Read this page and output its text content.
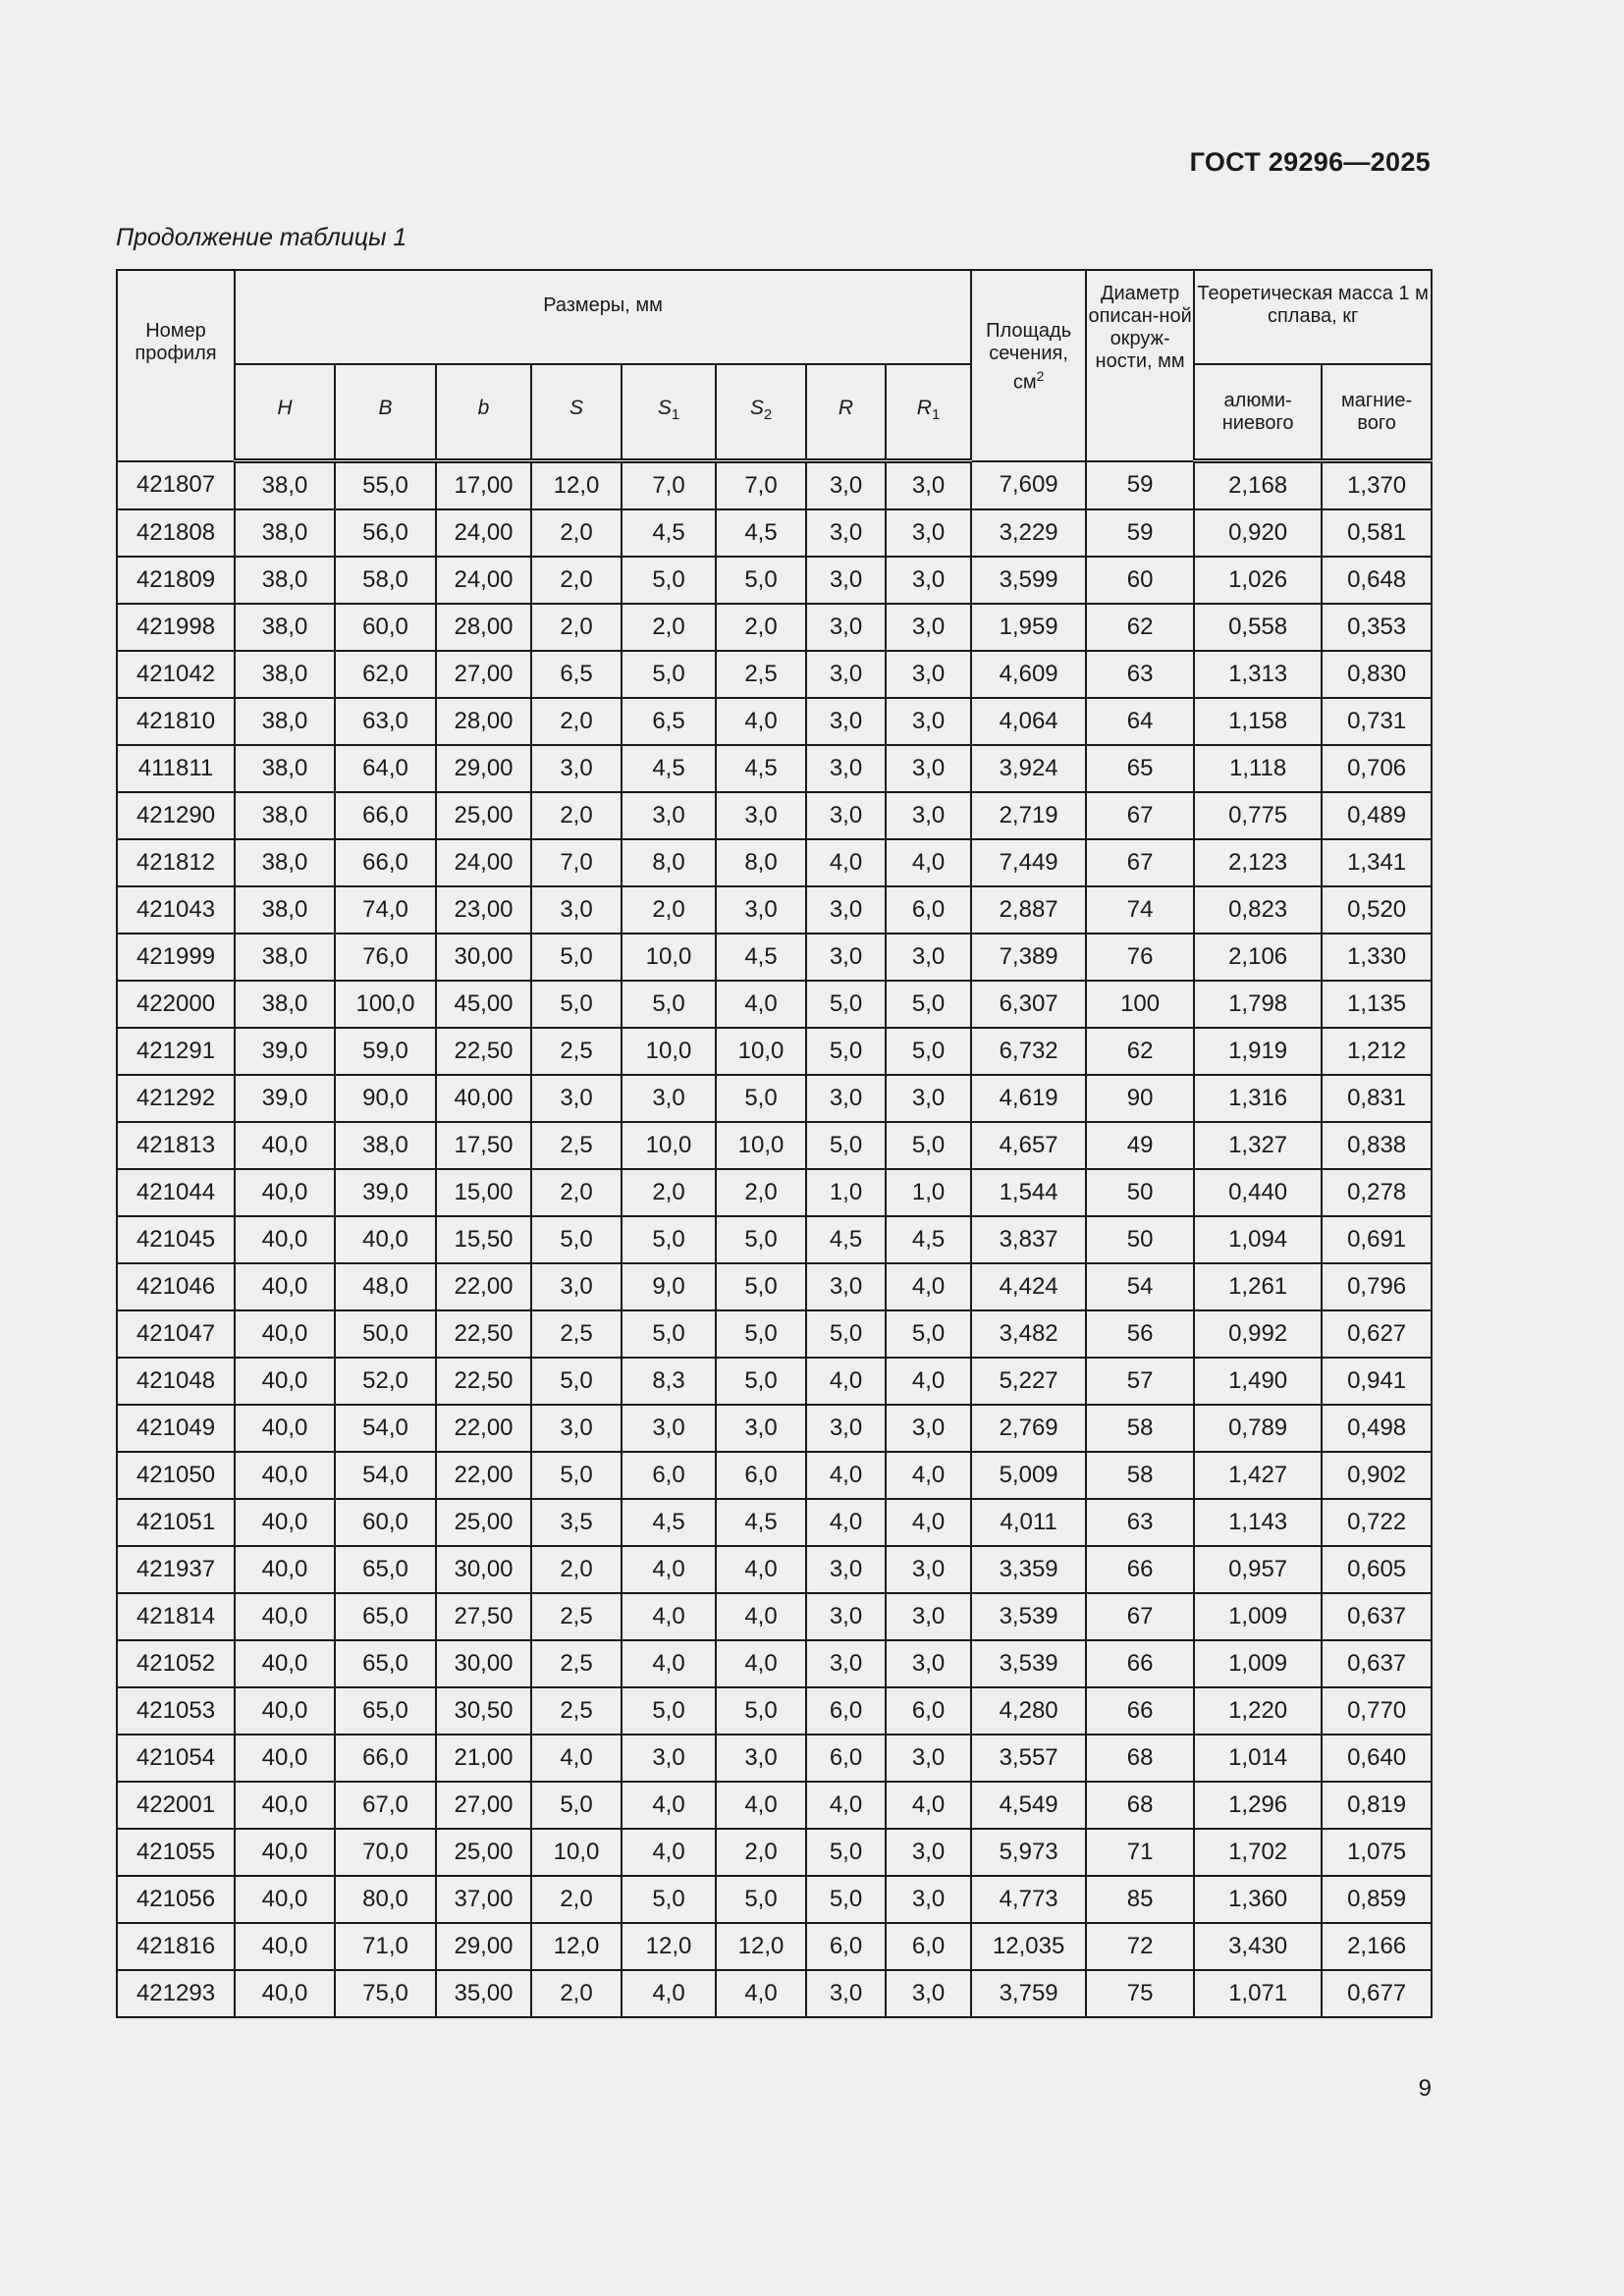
ГОСТ 29296—2025
Продолжение таблицы 1
Номер профиля	Размеры, мм								Площадь сечения, $см^2$	Диаметр описан-ной окруж-ности, мм	Теоретическая масса 1 м сплава, кг	
	H	B	b	S	$S_1$	$S_2$	R	$R_1$			алюми-ниевого	магние-вого
421807	38,0	55,0	17,00	12,0	7,0	7,0	3,0	3,0	7,609	59	2,168	1,370
421808	38,0	56,0	24,00	2,0	4,5	4,5	3,0	3,0	3,229	59	0,920	0,581
421809	38,0	58,0	24,00	2,0	5,0	5,0	3,0	3,0	3,599	60	1,026	0,648
421998	38,0	60,0	28,00	2,0	2,0	2,0	3,0	3,0	1,959	62	0,558	0,353
421042	38,0	62,0	27,00	6,5	5,0	2,5	3,0	3,0	4,609	63	1,313	0,830
421810	38,0	63,0	28,00	2,0	6,5	4,0	3,0	3,0	4,064	64	1,158	0,731
411811	38,0	64,0	29,00	3,0	4,5	4,5	3,0	3,0	3,924	65	1,118	0,706
421290	38,0	66,0	25,00	2,0	3,0	3,0	3,0	3,0	2,719	67	0,775	0,489
421812	38,0	66,0	24,00	7,0	8,0	8,0	4,0	4,0	7,449	67	2,123	1,341
421043	38,0	74,0	23,00	3,0	2,0	3,0	3,0	6,0	2,887	74	0,823	0,520
421999	38,0	76,0	30,00	5,0	10,0	4,5	3,0	3,0	7,389	76	2,106	1,330
422000	38,0	100,0	45,00	5,0	5,0	4,0	5,0	5,0	6,307	100	1,798	1,135
421291	39,0	59,0	22,50	2,5	10,0	10,0	5,0	5,0	6,732	62	1,919	1,212
421292	39,0	90,0	40,00	3,0	3,0	5,0	3,0	3,0	4,619	90	1,316	0,831
421813	40,0	38,0	17,50	2,5	10,0	10,0	5,0	5,0	4,657	49	1,327	0,838
421044	40,0	39,0	15,00	2,0	2,0	2,0	1,0	1,0	1,544	50	0,440	0,278
421045	40,0	40,0	15,50	5,0	5,0	5,0	4,5	4,5	3,837	50	1,094	0,691
421046	40,0	48,0	22,00	3,0	9,0	5,0	3,0	4,0	4,424	54	1,261	0,796
421047	40,0	50,0	22,50	2,5	5,0	5,0	5,0	5,0	3,482	56	0,992	0,627
421048	40,0	52,0	22,50	5,0	8,3	5,0	4,0	4,0	5,227	57	1,490	0,941
421049	40,0	54,0	22,00	3,0	3,0	3,0	3,0	3,0	2,769	58	0,789	0,498
421050	40,0	54,0	22,00	5,0	6,0	6,0	4,0	4,0	5,009	58	1,427	0,902
421051	40,0	60,0	25,00	3,5	4,5	4,5	4,0	4,0	4,011	63	1,143	0,722
421937	40,0	65,0	30,00	2,0	4,0	4,0	3,0	3,0	3,359	66	0,957	0,605
421814	40,0	65,0	27,50	2,5	4,0	4,0	3,0	3,0	3,539	67	1,009	0,637
421052	40,0	65,0	30,00	2,5	4,0	4,0	3,0	3,0	3,539	66	1,009	0,637
421053	40,0	65,0	30,50	2,5	5,0	5,0	6,0	6,0	4,280	66	1,220	0,770
421054	40,0	66,0	21,00	4,0	3,0	3,0	6,0	3,0	3,557	68	1,014	0,640
422001	40,0	67,0	27,00	5,0	4,0	4,0	4,0	4,0	4,549	68	1,296	0,819
421055	40,0	70,0	25,00	10,0	4,0	2,0	5,0	3,0	5,973	71	1,702	1,075
421056	40,0	80,0	37,00	2,0	5,0	5,0	5,0	3,0	4,773	85	1,360	0,859
421816	40,0	71,0	29,00	12,0	12,0	12,0	6,0	6,0	12,035	72	3,430	2,166
421293	40,0	75,0	35,00	2,0	4,0	4,0	3,0	3,0	3,759	75	1,071	0,677
9
